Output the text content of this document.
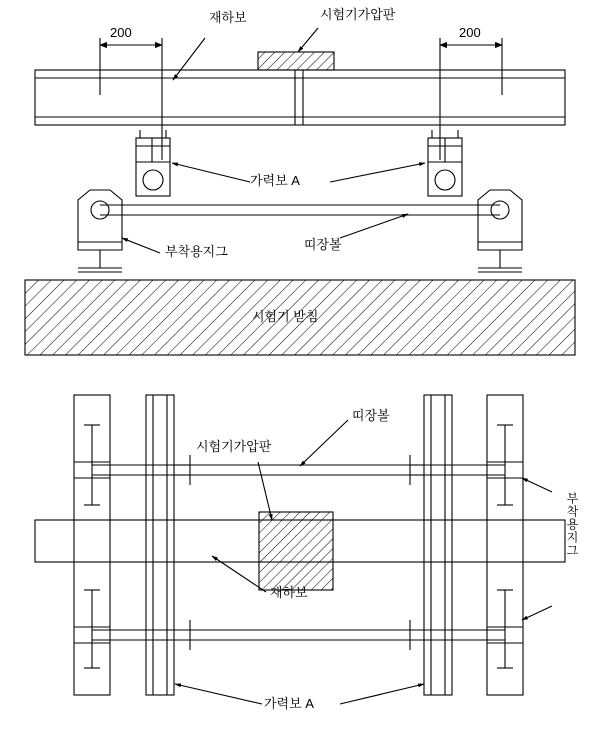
200	200
재하보	시험기가압판
가력보 A
띠장볼
부착용지그
시험기 받침
띠장볼
시험기가압판
재하보
가력보 A
부착용지그
